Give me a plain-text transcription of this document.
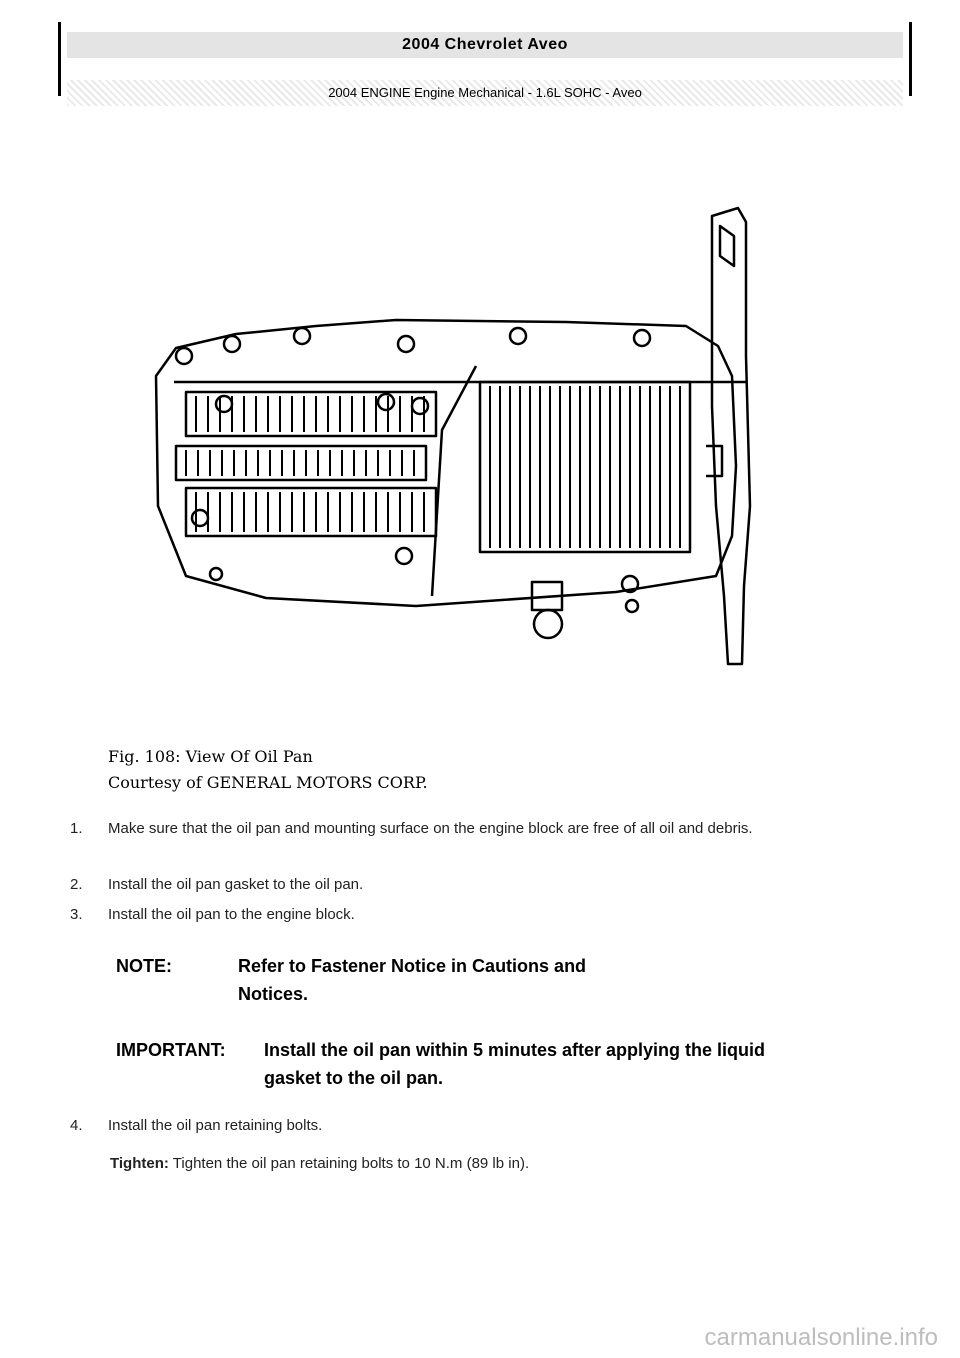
2004 Chevrolet Aveo
2004 ENGINE Engine Mechanical - 1.6L SOHC - Aveo
Fig. 108: View Of Oil Pan
Courtesy of GENERAL MOTORS CORP.
1. Make sure that the oil pan and mounting surface on the engine block are free of all oil and debris.
2. Install the oil pan gasket to the oil pan.
3. Install the oil pan to the engine block.
NOTE:	Refer to Fastener Notice in Cautions and
Notices.
IMPORTANT: Install the oil pan within 5 minutes after applying the liquid
gasket to the oil pan.
4. Install the oil pan retaining bolts.
Tighten: Tighten the oil pan retaining bolts to 10 N.m (89 lb in).
carmanualsonline.info
